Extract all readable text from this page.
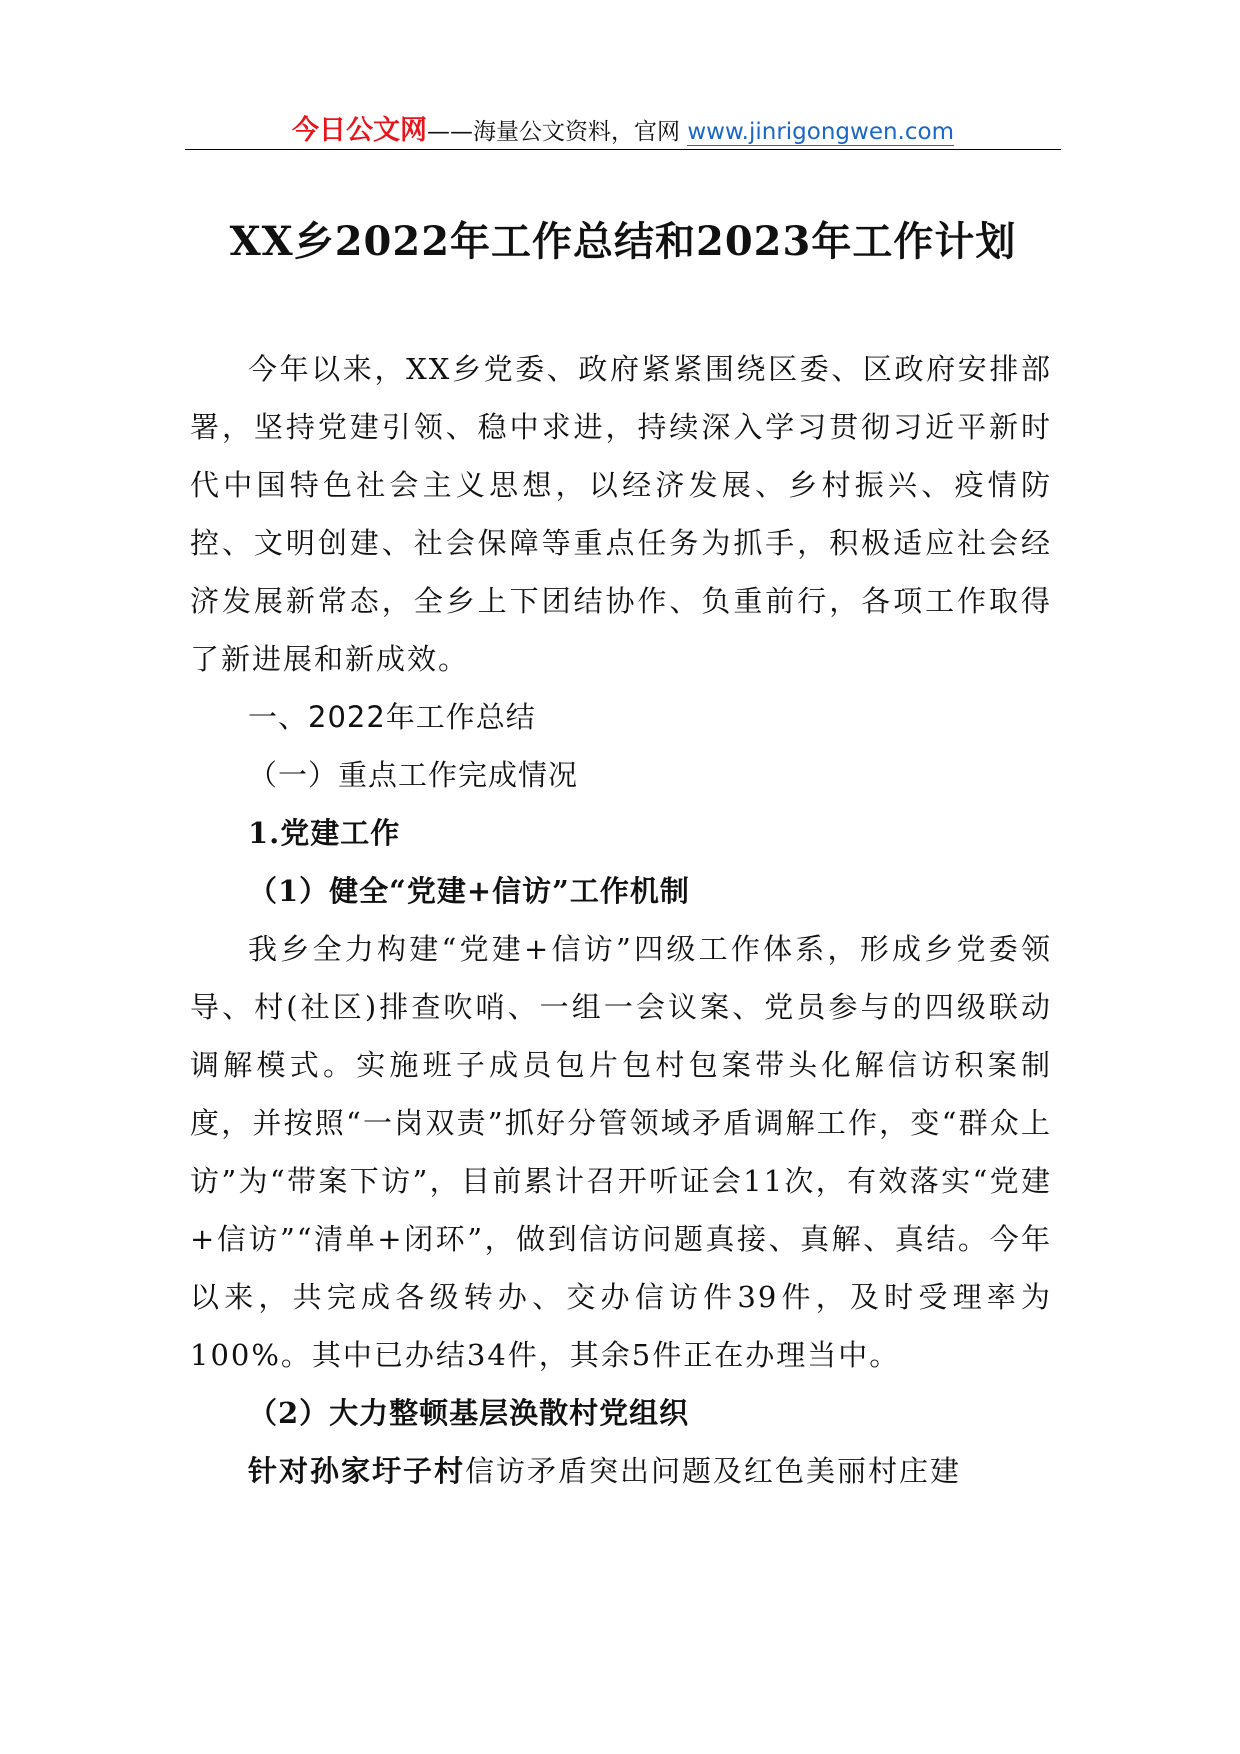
今日公文网——海量公文资料，官网 www.jinrigongwen.com
XX乡2022年工作总结和2023年工作计划

今年以来，XX乡党委、政府紧紧围绕区委、区政府安排部署，坚持党建引领、稳中求进，持续深入学习贯彻习近平新时代中国特色社会主义思想，以经济发展、乡村振兴、疫情防控、文明创建、社会保障等重点任务为抓手，积极适应社会经济发展新常态，全乡上下团结协作、负重前行，各项工作取得了新进展和新成效。

一、2022年工作总结

（一）重点工作完成情况

1.党建工作

（1）健全“党建+信访”工作机制

我乡全力构建“党建+信访”四级工作体系，形成乡党委领导、村(社区)排查吹哨、一组一会议案、党员参与的四级联动调解模式。实施班子成员包片包村包案带头化解信访积案制度，并按照“一岗双责”抓好分管领域矛盾调解工作，变“群众上访”为“带案下访”，目前累计召开听证会11次，有效落实“党建+信访”“清单+闭环”，做到信访问题真接、真解、真结。今年以来，共完成各级转办、交办信访件39件，及时受理率为100%。其中已办结34件，其余5件正在办理当中。

（2）大力整顿基层涣散村党组织

针对孙家圩子村信访矛盾突出问题及红色美丽村庄建
